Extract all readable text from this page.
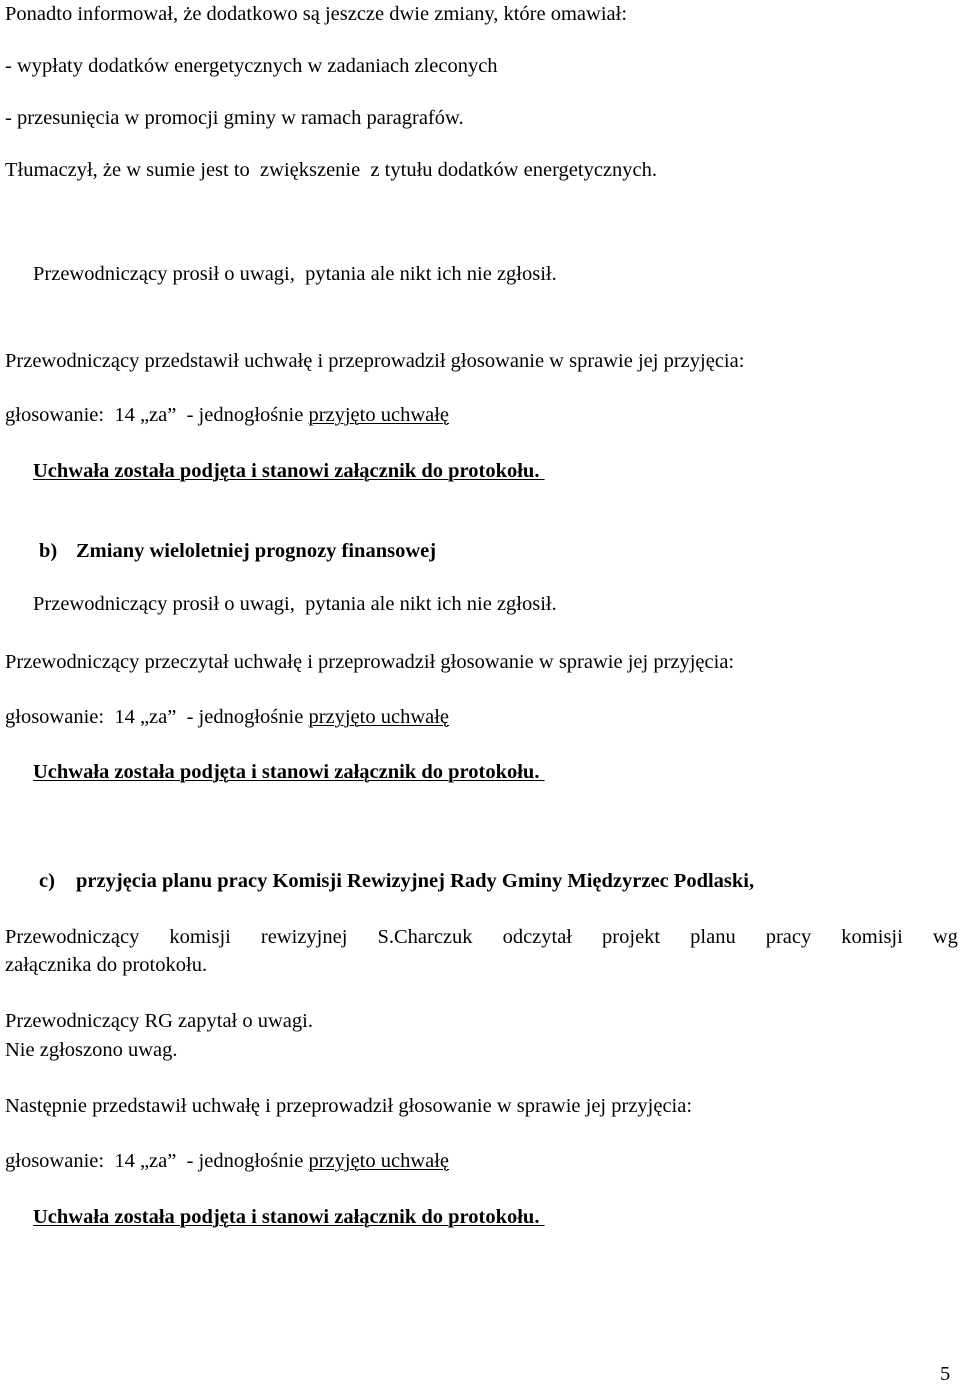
Ponadto informował, że dodatkowo są jeszcze dwie zmiany, które omawiał:
- wypłaty dodatków energetycznych w zadaniach zleconych
- przesunięcia w promocji gminy w ramach paragrafów.
Tłumaczył, że w sumie jest to  zwiększenie  z tytułu dodatków energetycznych.
Przewodniczący prosił o uwagi,  pytania ale nikt ich nie zgłosił.
Przewodniczący przedstawił uchwałę i przeprowadził głosowanie w sprawie jej przyjęcia:
głosowanie:  14 „za”  - jednogłośnie przyjęto uchwałę
Uchwała została podjęta i stanowi załącznik do protokołu.
b) Zmiany wieloletniej prognozy finansowej
Przewodniczący prosił o uwagi,  pytania ale nikt ich nie zgłosił.
Przewodniczący przeczytał uchwałę i przeprowadził głosowanie w sprawie jej przyjęcia:
głosowanie:  14 „za”  - jednogłośnie przyjęto uchwałę
Uchwała została podjęta i stanowi załącznik do protokołu.
c) przyjęcia planu pracy Komisji Rewizyjnej Rady Gminy Międzyrzec Podlaski,
Przewodniczący komisji rewizyjnej S.Charczuk odczytał projekt planu pracy komisji wg
załącznika do protokołu.
Przewodniczący RG zapytał o uwagi.
Nie zgłoszono uwag.
Następnie przedstawił uchwałę i przeprowadził głosowanie w sprawie jej przyjęcia:
głosowanie:  14 „za”  - jednogłośnie przyjęto uchwałę
Uchwała została podjęta i stanowi załącznik do protokołu.
5
